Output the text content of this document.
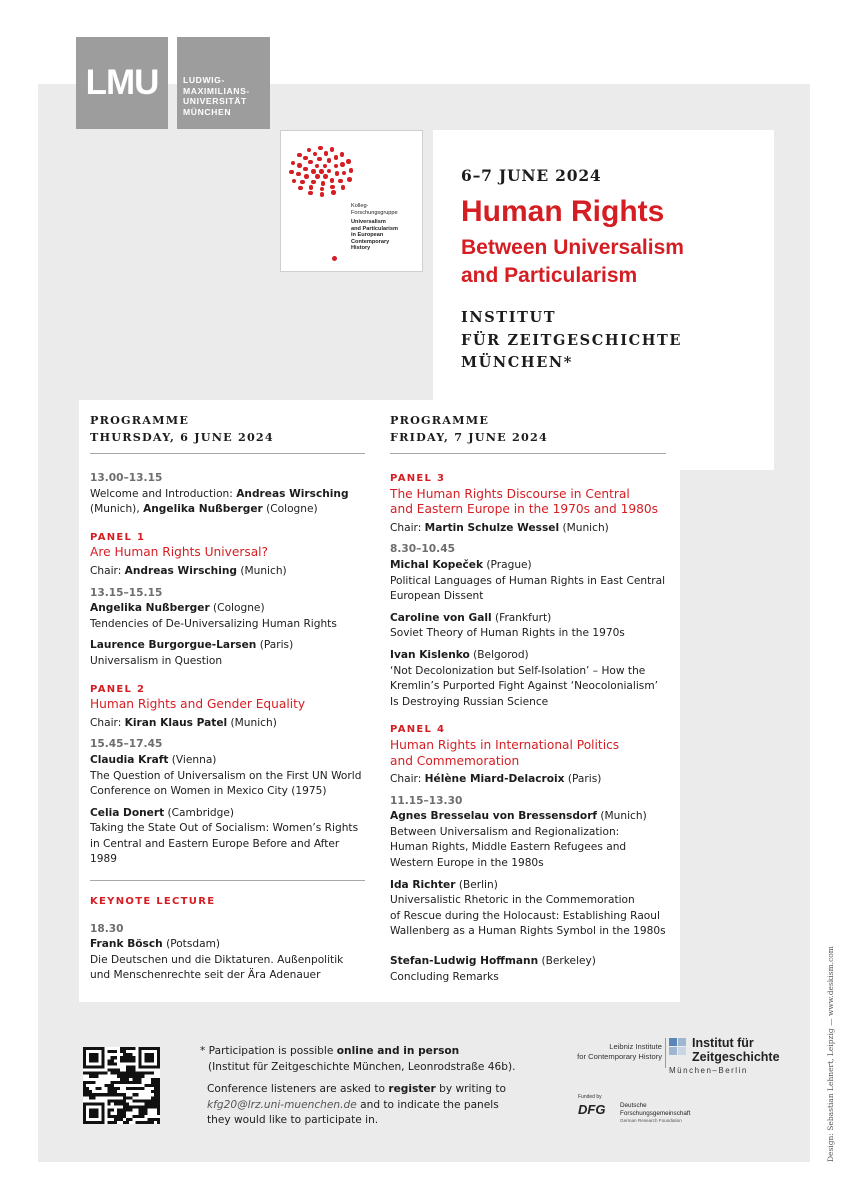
LMU	LUDWIG-
MAXIMILIANS-
UNIVERSITÄT
MÜNCHEN
Kolleg-
Forschungsgruppe
Universalism
and Particularism
in European
Contemporary
History
6–7 JUNE 2024
Human Rights
Between Universalism
and Particularism
INSTITUT
FÜR ZEITGESCHICHTE
MÜNCHEN*
PROGRAMME
THURSDAY, 6 JUNE 2024
13.00–13.15
Welcome and Introduction: Andreas Wirsching
(Munich), Angelika Nußberger (Cologne)
PANEL 1
Are Human Rights Universal?
Chair: Andreas Wirsching (Munich)
13.15–15.15
Angelika Nußberger (Cologne)
Tendencies of De-Universalizing Human Rights
Laurence Burgorgue-Larsen (Paris)
Universalism in Question
PANEL 2
Human Rights and Gender Equality
Chair: Kiran Klaus Patel (Munich)
15.45–17.45
Claudia Kraft (Vienna)
The Question of Universalism on the First UN World
Conference on Women in Mexico City (1975)
Celia Donert (Cambridge)
Taking the State Out of Socialism: Women’s Rights
in Central and Eastern Europe Before and After 1989
KEYNOTE LECTURE
18.30
Frank Bösch (Potsdam)
Die Deutschen und die Diktaturen. Außenpolitik
und Menschenrechte seit der Ära Adenauer
PROGRAMME
FRIDAY, 7 JUNE 2024
PANEL 3
The Human Rights Discourse in Central
and Eastern Europe in the 1970s and 1980s
Chair: Martin Schulze Wessel (Munich)
8.30–10.45
Michal Kopeček (Prague)
Political Languages of Human Rights in East Central
European Dissent
Caroline von Gall (Frankfurt)
Soviet Theory of Human Rights in the 1970s
Ivan Kislenko (Belgorod)
‘Not Decolonization but Self-Isolation’ – How the
Kremlin’s Purported Fight Against ‘Neocolonialism’
Is Destroying Russian Science
PANEL 4
Human Rights in International Politics
and Commemoration
Chair: Hélène Miard-Delacroix (Paris)
11.15–13.30
Agnes Bresselau von Bressensdorf (Munich)
Between Universalism and Regionalization:
Human Rights, Middle Eastern Refugees and
Western Europe in the 1980s
Ida Richter (Berlin)
Universalistic Rhetoric in the Commemoration
of Rescue during the Holocaust: Establishing Raoul
Wallenberg as a Human Rights Symbol in the 1980s
Stefan-Ludwig Hoffmann (Berkeley)
Concluding Remarks
* Participation is possible online and in person
(Institut für Zeitgeschichte München, Leonrodstraße 46b).
Conference listeners are asked to register by writing to
kfg20@lrz.uni-muenchen.de and to indicate the panels
they would like to participate in.
Leibniz Institute
for Contemporary History
Institut für
Zeitgeschichte
München–Berlin
Funded by
DFG Deutsche
Forschungsgemeinschaft
German Research Foundation	Design: Sebastian Lehnert, Leipzig — www.deskism.com
